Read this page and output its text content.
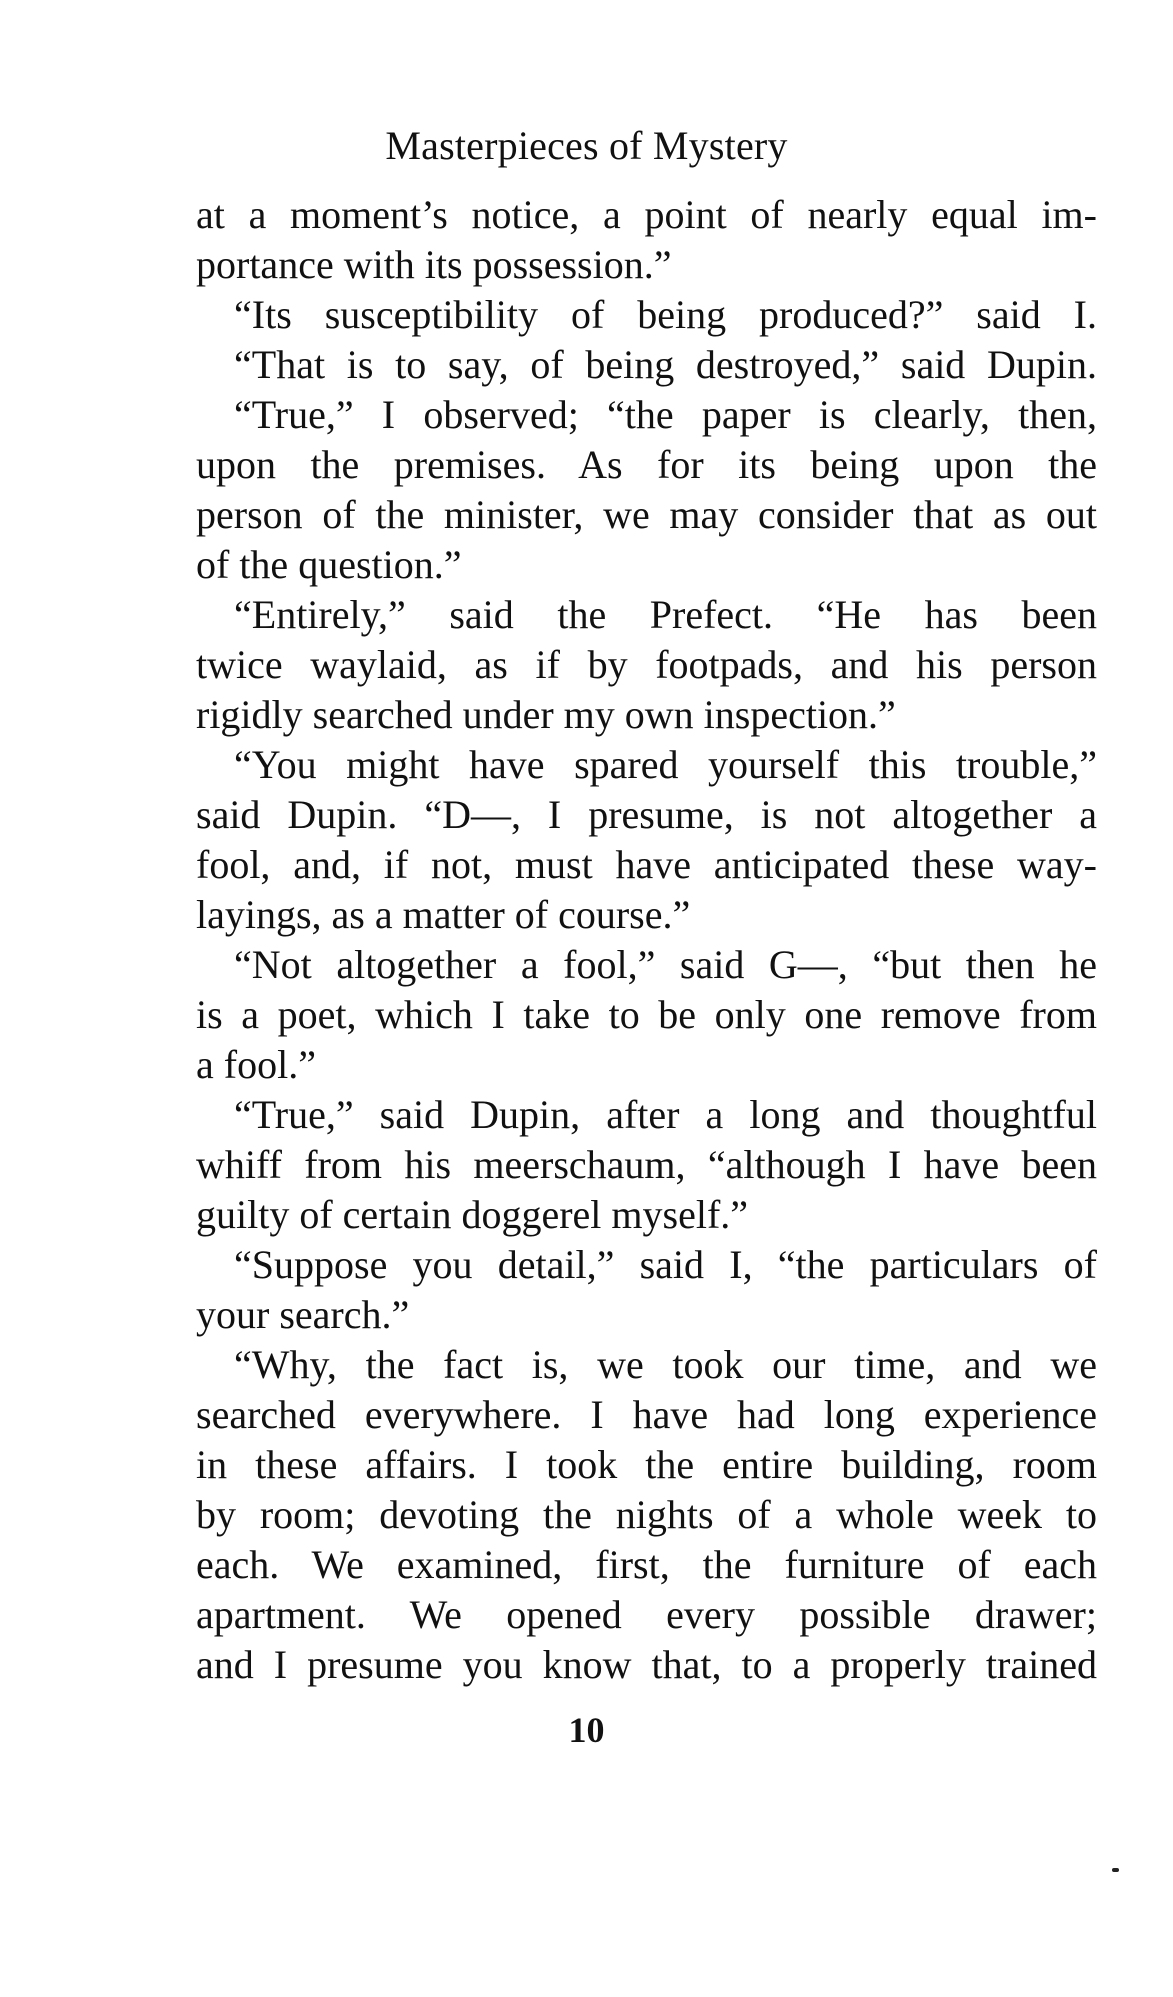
Masterpieces of Mystery
at a moment’s notice, a point of nearly equal im-
portance with its possession.”
“Its susceptibility of being produced?” said I.
“That is to say, of being destroyed,” said Dupin.
“True,” I observed; “the paper is clearly, then,
upon the premises. As for its being upon the
person of the minister, we may consider that as out
of the question.”
“Entirely,” said the Prefect. “He has been
twice waylaid, as if by footpads, and his person
rigidly searched under my own inspection.”
“You might have spared yourself this trouble,”
said Dupin. “D—, I presume, is not altogether a
fool, and, if not, must have anticipated these way-
layings, as a matter of course.”
“Not altogether a fool,” said G—, “but then he
is a poet, which I take to be only one remove from
a fool.”
“True,” said Dupin, after a long and thoughtful
whiff from his meerschaum, “although I have been
guilty of certain doggerel myself.”
“Suppose you detail,” said I, “the particulars of
your search.”
“Why, the fact is, we took our time, and we
searched everywhere. I have had long experience
in these affairs. I took the entire building, room
by room; devoting the nights of a whole week to
each. We examined, first, the furniture of each
apartment. We opened every possible drawer;
and I presume you know that, to a properly trained
10
